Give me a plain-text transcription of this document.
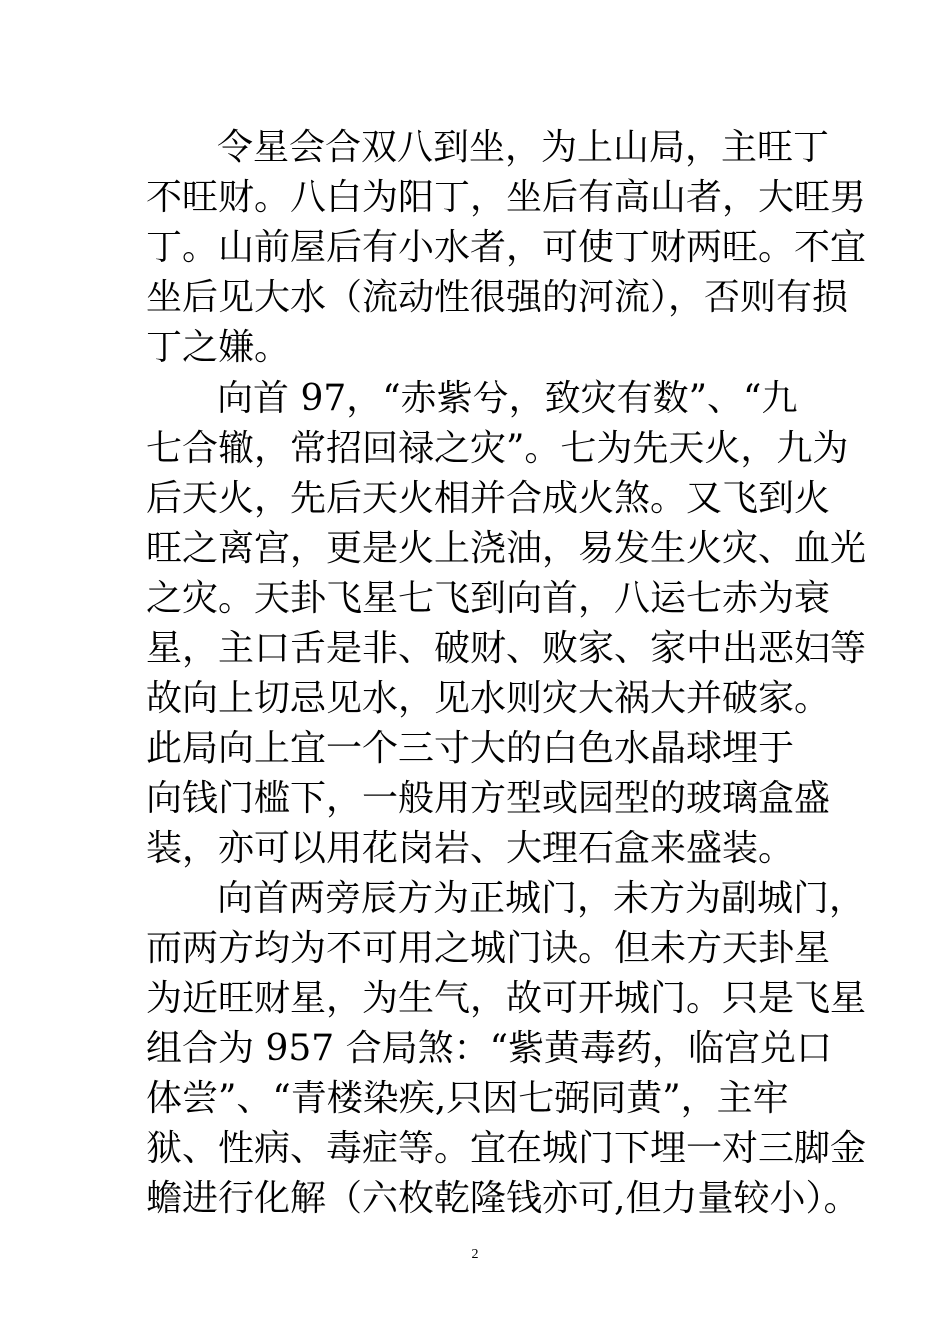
令星会合双八到坐，为上山局，主旺丁
不旺财。八白为阳丁，坐后有高山者，大旺男
丁。山前屋后有小水者，可使丁财两旺。不宜
坐后见大水（流动性很强的河流），否则有损
丁之嫌。
向首 97，“赤紫兮，致灾有数”、“九
七合辙，常招回禄之灾”。七为先天火，九为
后天火，先后天火相并合成火煞。又飞到火
旺之离宫，更是火上浇油，易发生火灾、血光
之灾。天卦飞星七飞到向首，八运七赤为衰
星，主口舌是非、破财、败家、家中出恶妇等
故向上切忌见水，见水则灾大祸大并破家。
此局向上宜一个三寸大的白色水晶球埋于
向钱门槛下，一般用方型或园型的玻璃盒盛
装，亦可以用花岗岩、大理石盒来盛装。
向首两旁辰方为正城门，未方为副城门，
而两方均为不可用之城门诀。但未方天卦星
为近旺财星，为生气，故可开城门。只是飞星
组合为 957 合局煞：“紫黄毒药，临宫兑口
体尝”、“青楼染疾,只因七弼同黄”，主牢
狱、性病、毒症等。宜在城门下埋一对三脚金
蟾进行化解（六枚乾隆钱亦可,但力量较小）。
2
